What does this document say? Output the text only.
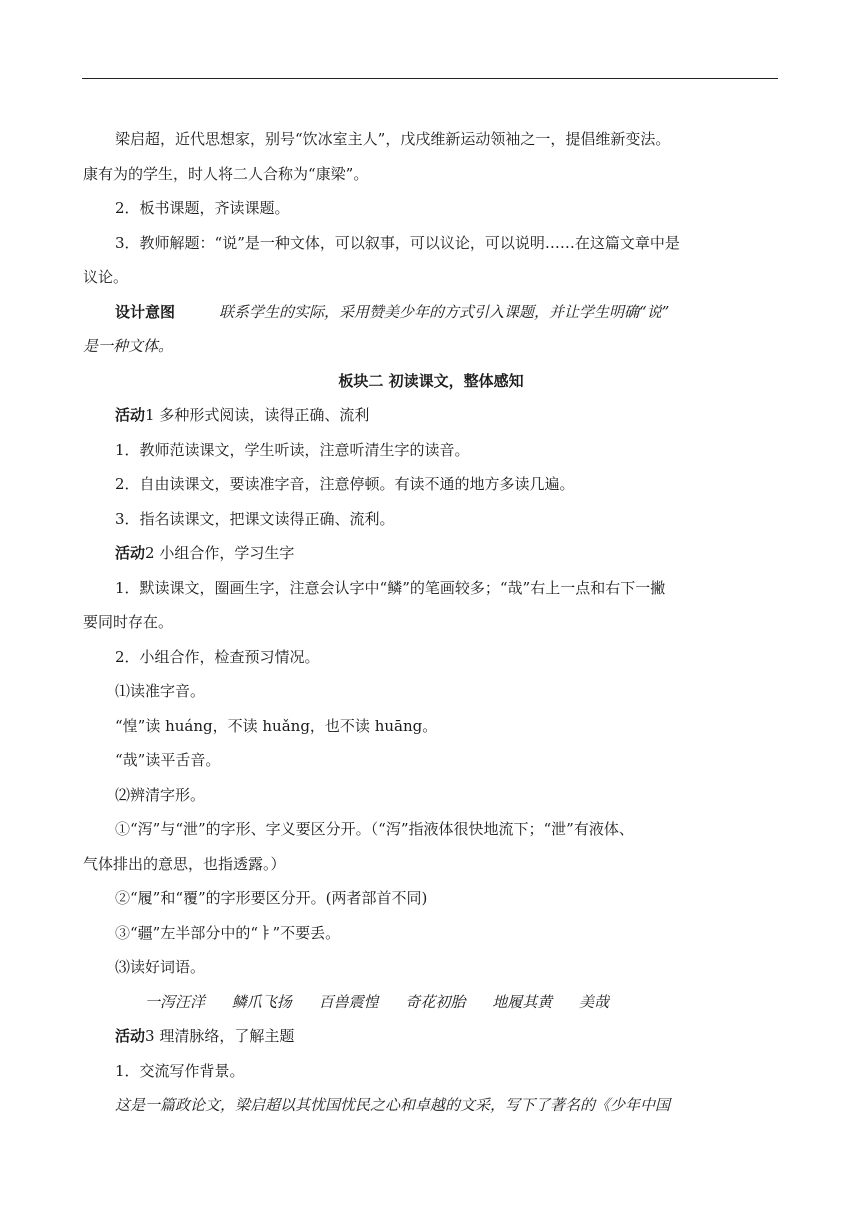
梁启超，近代思想家，别号“饮冰室主人”，戊戌维新运动领袖之一，提倡维新变法。
康有为的学生，时人将二人合称为“康梁”。
2．板书课题，齐读课题。
3．教师解题：“说”是一种文体，可以叙事，可以议论，可以说明……在这篇文章中是
议论。
设计意图	联系学生的实际，采用赞美少年的方式引入课题，并让学生明确“说”
是一种文体。
板块二 初读课文，整体感知
活动1 多种形式阅读，读得正确、流利
1．教师范读课文，学生听读，注意听清生字的读音。
2．自由读课文，要读准字音，注意停顿。有读不通的地方多读几遍。
3．指名读课文，把课文读得正确、流利。
活动2 小组合作，学习生字
1．默读课文，圈画生字，注意会认字中“鳞”的笔画较多；“哉”右上一点和右下一撇
要同时存在。
2．小组合作，检查预习情况。
⑴读准字音。
“惶”读 huáng，不读 huǎng，也不读 huāng。
“哉”读平舌音。
⑵辨清字形。
①“泻”与“泄”的字形、字义要区分开。（“泻”指液体很快地流下；“泄”有液体、
气体排出的意思，也指透露。）
②“履”和“覆”的字形要区分开。(两者部首不同)
③“疆”左半部分中的“ㅑ”不要丢。
⑶读好词语。
一泻汪洋 鳞爪飞扬 百兽震惶 奇花初胎 地履其黄 美哉
活动3 理清脉络，了解主题
1．交流写作背景。
这是一篇政论文，梁启超以其忧国忧民之心和卓越的文采，写下了著名的《少年中国
